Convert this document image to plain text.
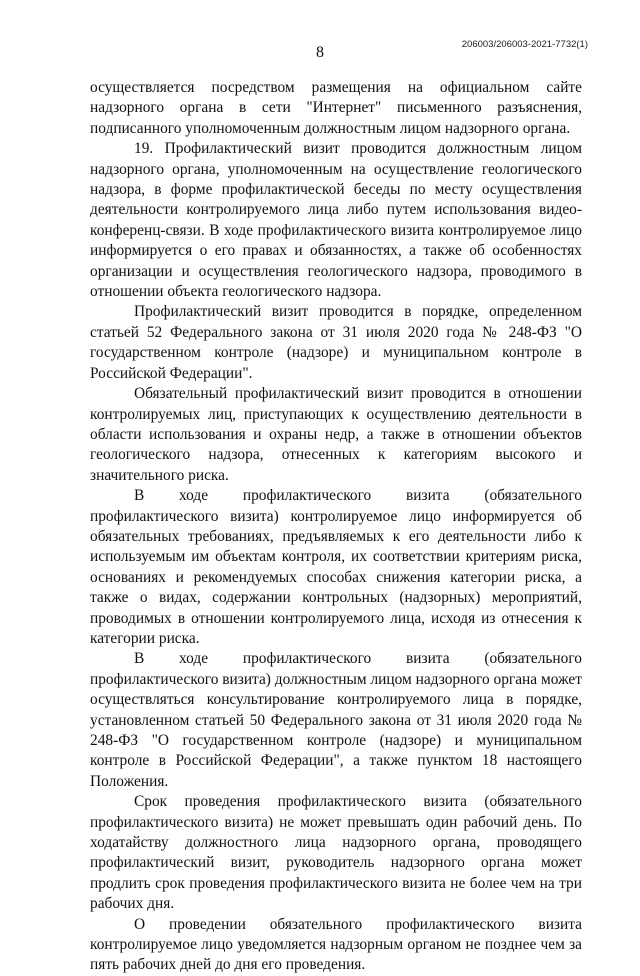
206003/206003-2021-7732(1)
8

осуществляется посредством размещения на официальном сайте надзорного органа в сети "Интернет" письменного разъяснения, подписанного уполномоченным должностным лицом надзорного органа.

19. Профилактический визит проводится должностным лицом надзорного органа, уполномоченным на осуществление геологического надзора, в форме профилактической беседы по месту осуществления деятельности контролируемого лица либо путем использования видео-конференц-связи. В ходе профилактического визита контролируемое лицо информируется о его правах и обязанностях, а также об особенностях организации и осуществления геологического надзора, проводимого в отношении объекта геологического надзора.

Профилактический визит проводится в порядке, определенном статьей 52 Федерального закона от 31 июля 2020 года № 248-ФЗ "О государственном контроле (надзоре) и муниципальном контроле в Российской Федерации".

Обязательный профилактический визит проводится в отношении контролируемых лиц, приступающих к осуществлению деятельности в области использования и охраны недр, а также в отношении объектов геологического надзора, отнесенных к категориям высокого и значительного риска.

В ходе профилактического визита (обязательного профилактического визита) контролируемое лицо информируется об обязательных требованиях, предъявляемых к его деятельности либо к используемым им объектам контроля, их соответствии критериям риска, основаниях и рекомендуемых способах снижения категории риска, а также о видах, содержании контрольных (надзорных) мероприятий, проводимых в отношении контролируемого лица, исходя из отнесения к категории риска.

В ходе профилактического визита (обязательного профилактического визита) должностным лицом надзорного органа может осуществляться консультирование контролируемого лица в порядке, установленном статьей 50 Федерального закона от 31 июля 2020 года № 248-ФЗ "О государственном контроле (надзоре) и муниципальном контроле в Российской Федерации", а также пунктом 18 настоящего Положения.

Срок проведения профилактического визита (обязательного профилактического визита) не может превышать один рабочий день. По ходатайству должностного лица надзорного органа, проводящего профилактический визит, руководитель надзорного органа может продлить срок проведения профилактического визита не более чем на три рабочих дня.

О проведении обязательного профилактического визита контролируемое лицо уведомляется надзорным органом не позднее чем за пять рабочих дней до дня его проведения.
